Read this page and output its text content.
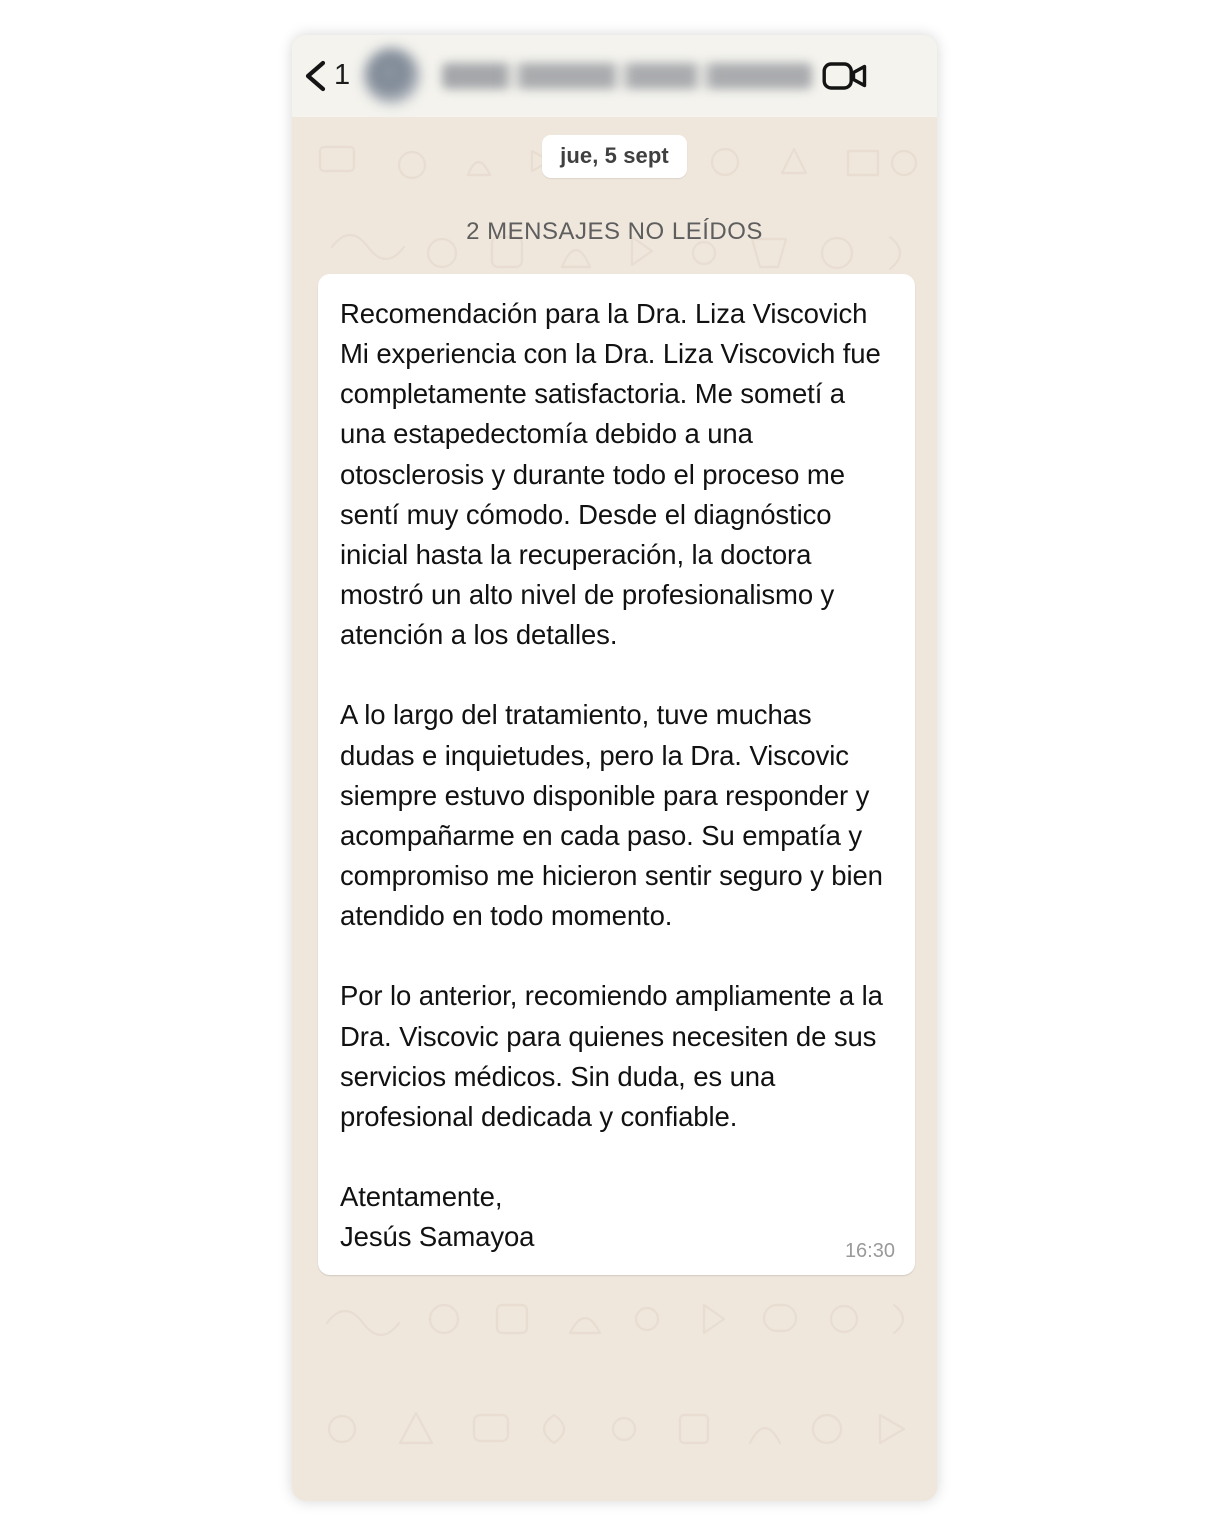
1
jue, 5 sept
2 MENSAJES NO LEÍDOS

Recomendación para la Dra. Liza Viscovich
Mi experiencia con la Dra. Liza Viscovich fue completamente satisfactoria. Me sometí a una estapedectomía debido a una otosclerosis y durante todo el proceso me sentí muy cómodo. Desde el diagnóstico inicial hasta la recuperación, la doctora mostró un alto nivel de profesionalismo y atención a los detalles.

A lo largo del tratamiento, tuve muchas dudas e inquietudes, pero la Dra. Viscovic siempre estuvo disponible para responder y acompañarme en cada paso. Su empatía y compromiso me hicieron sentir seguro y bien atendido en todo momento.

Por lo anterior, recomiendo ampliamente a la Dra. Viscovic para quienes necesiten de sus servicios médicos. Sin duda, es una profesional dedicada y confiable.

Atentamente,
Jesús Samayoa	16:30
